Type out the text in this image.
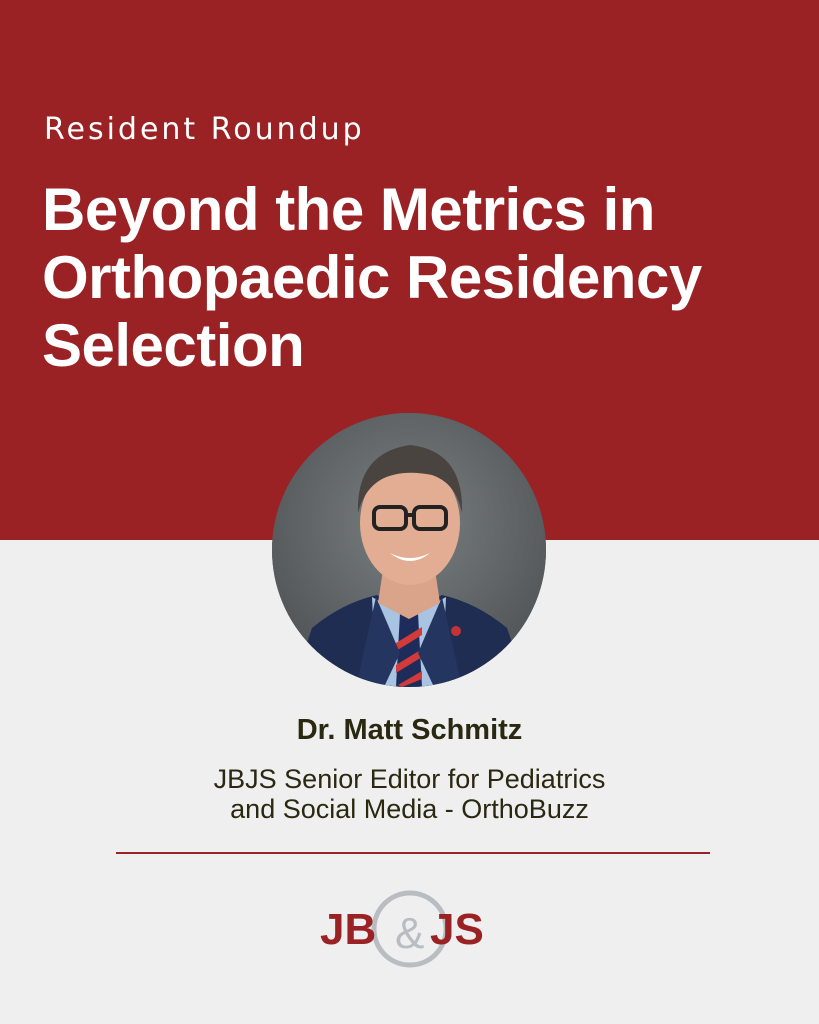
Resident Roundup
Beyond the Metrics in
Orthopaedic Residency
Selection
Dr. Matt Schmitz
JBJS Senior Editor for Pediatrics
and Social Media - OrthoBuzz
JB & JS
